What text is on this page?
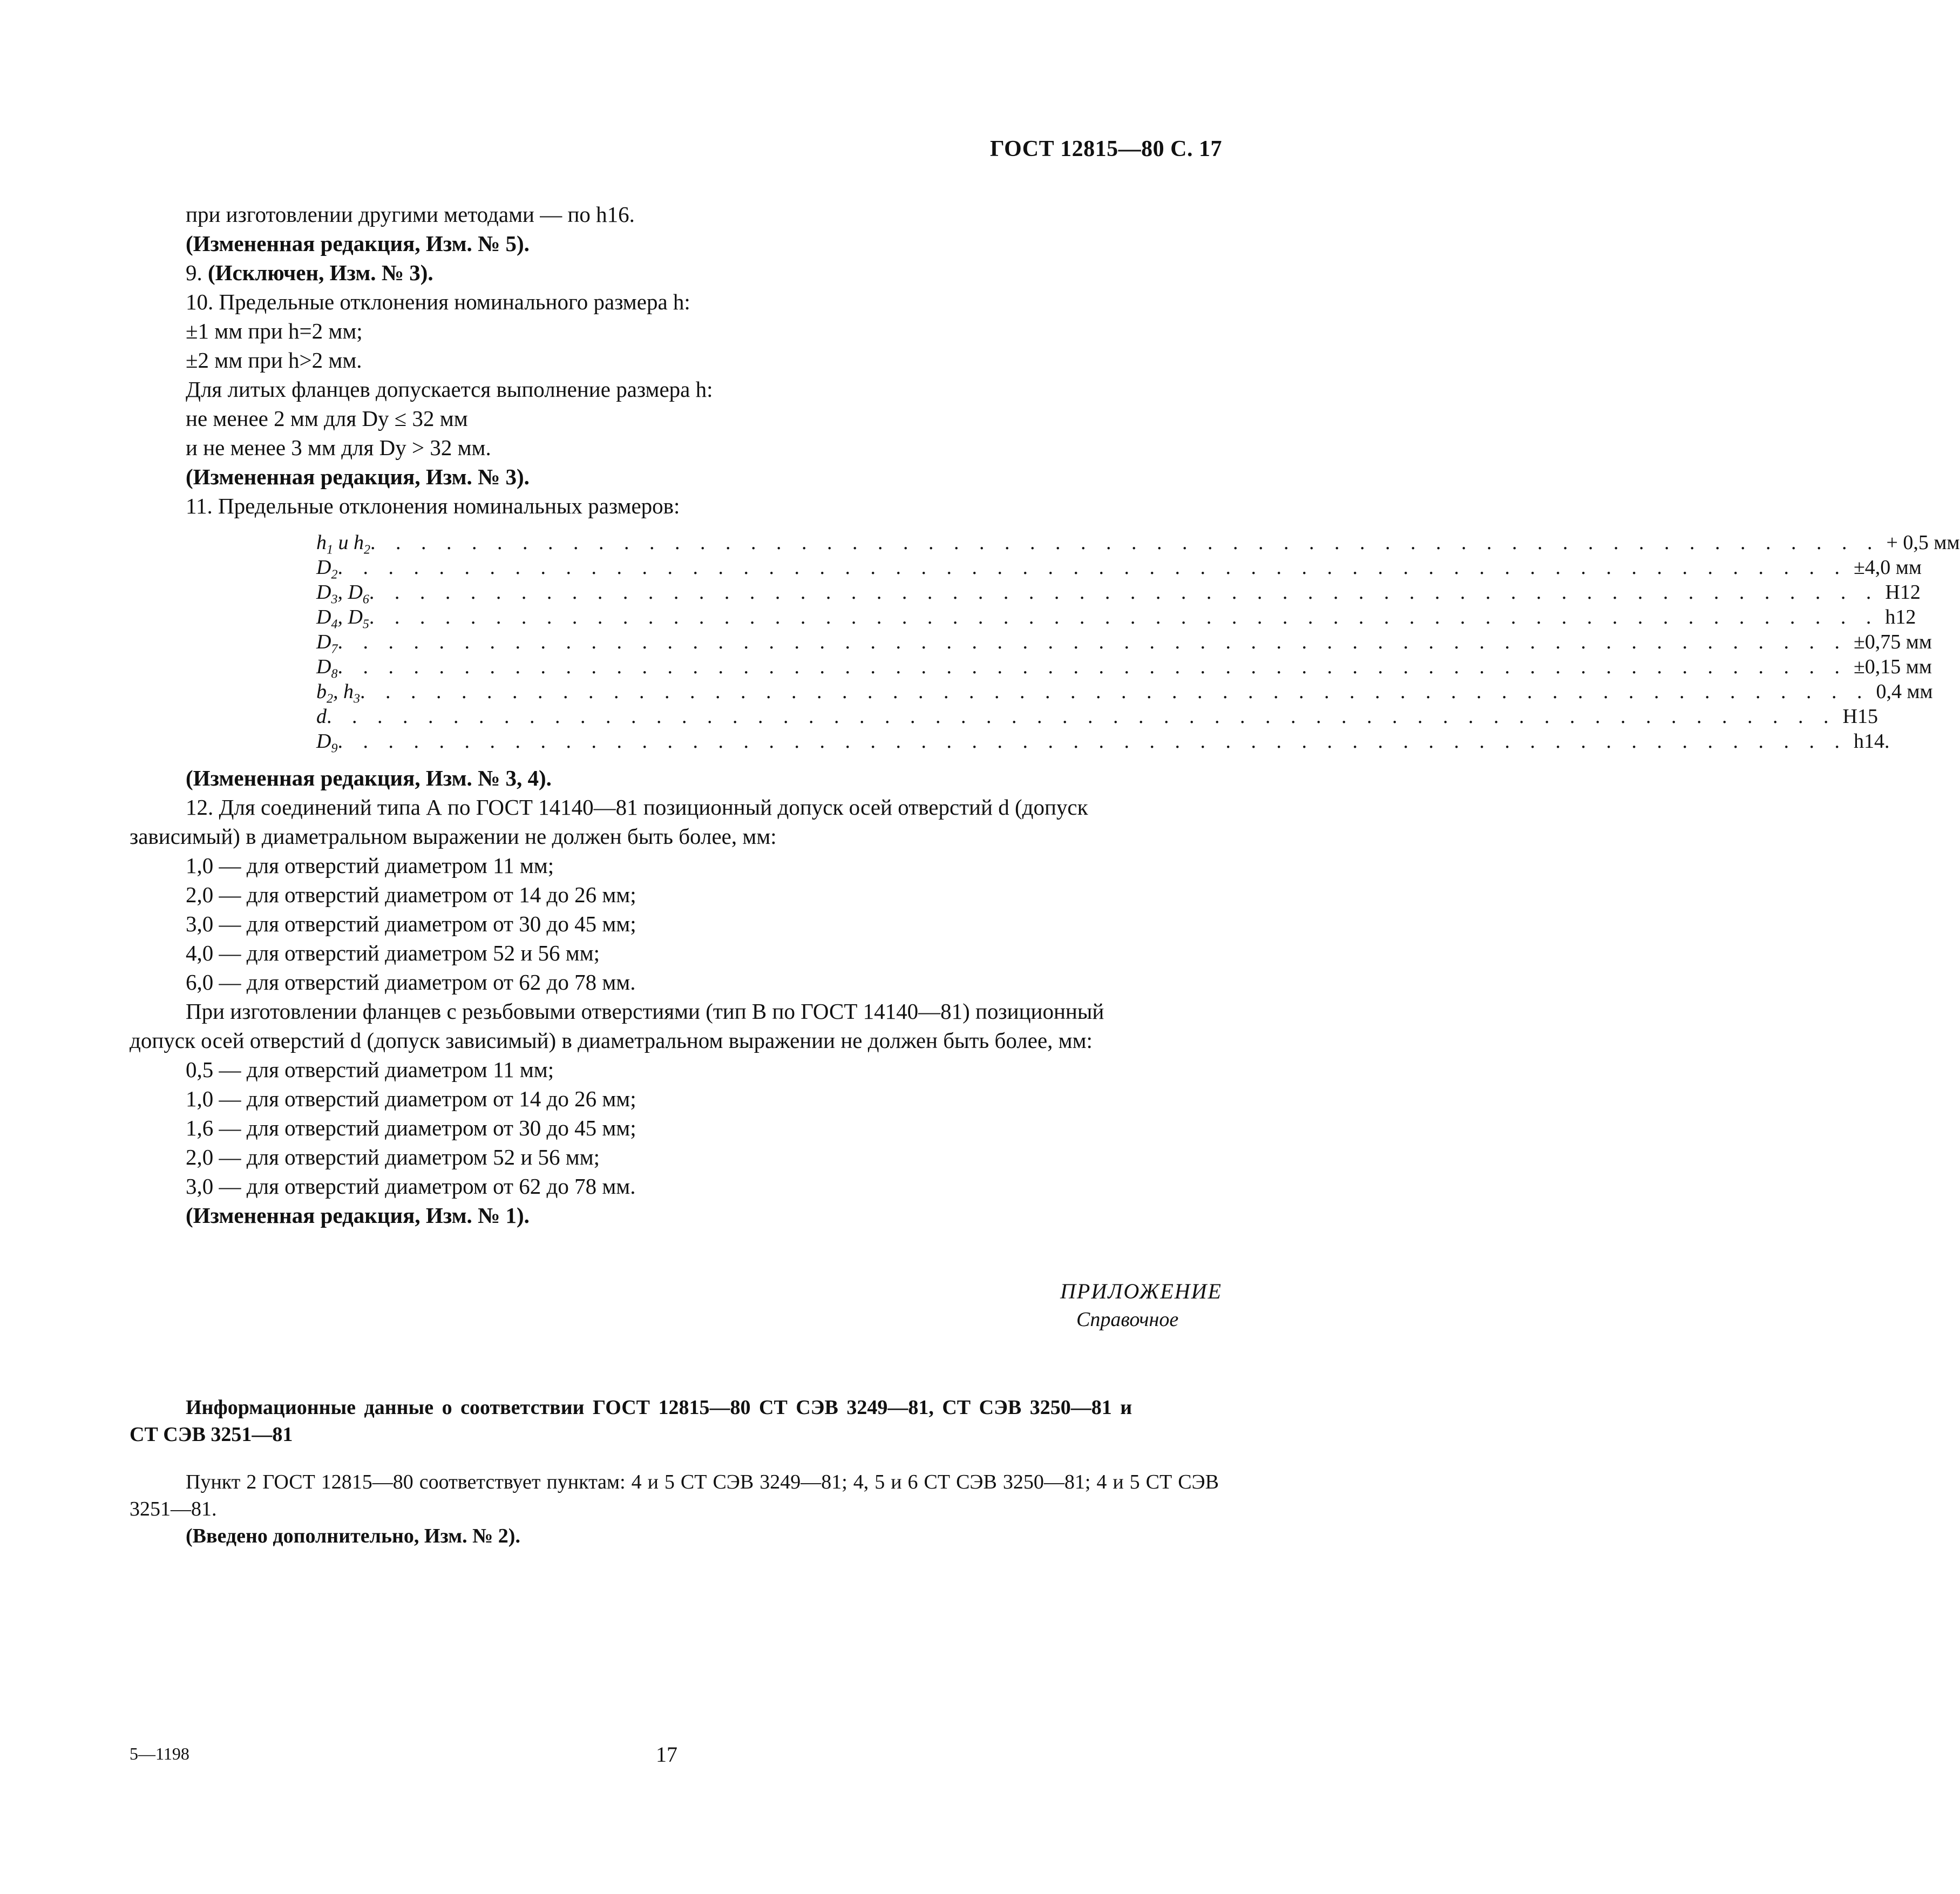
ГОСТ 12815—80 С. 17
при изготовлении другими методами — по h16.
(Измененная редакция, Изм. № 5).
9. (Исключен, Изм. № 3).
10. Предельные отклонения номинального размера h:
±1 мм при h=2 мм;
±2 мм при h>2 мм.
Для литых фланцев допускается выполнение размера h:
не менее 2 мм для Dy ≤ 32 мм
и не менее 3 мм для Dy > 32 мм.
(Измененная редакция, Изм. № 3).
11. Предельные отклонения номинальных размеров:
$h_1$ и $h_2$ . . . . . . . . . . . . . . . . . . . . . . . . . . . . . . . . . . . . . . . . . . . . . . . . . . . . . . . . . . . . + 0,5 мм
$D_2$ . . . . . . . . . . . . . . . . . . . . . . . . . . . . . . . . . . . . . . . . . . . . . . . . . . . . . . . . . . . . ±4,0 мм
$D_3$, $D_6$ . . . . . . . . . . . . . . . . . . . . . . . . . . . . . . . . . . . . . . . . . . . . . . . . . . . . . . . . . . . . H12
$D_4$, $D_5$ . . . . . . . . . . . . . . . . . . . . . . . . . . . . . . . . . . . . . . . . . . . . . . . . . . . . . . . . . . . . h12
$D_7$ . . . . . . . . . . . . . . . . . . . . . . . . . . . . . . . . . . . . . . . . . . . . . . . . . . . . . . . . . . . . ±0,75 мм
$D_8$ . . . . . . . . . . . . . . . . . . . . . . . . . . . . . . . . . . . . . . . . . . . . . . . . . . . . . . . . . . . . ±0,15 мм
$b_2$, $h_3$ . . . . . . . . . . . . . . . . . . . . . . . . . . . . . . . . . . . . . . . . . . . . . . . . . . . . . . . . . . . . 0,4 мм
d . . . . . . . . . . . . . . . . . . . . . . . . . . . . . . . . . . . . . . . . . . . . . . . . . . . . . . . . . . . . H15
$D_9$ . . . . . . . . . . . . . . . . . . . . . . . . . . . . . . . . . . . . . . . . . . . . . . . . . . . . . . . . . . . . h14.
(Измененная редакция, Изм. № 3, 4).
12. Для соединений типа А по ГОСТ 14140—81 позиционный допуск осей отверстий d (допуск
зависимый) в диаметральном выражении не должен быть более, мм:
1,0 — для отверстий диаметром 11 мм;
2,0 — для отверстий диаметром от 14 до 26 мм;
3,0 — для отверстий диаметром от 30 до 45 мм;
4,0 — для отверстий диаметром 52 и 56 мм;
6,0 — для отверстий диаметром от 62 до 78 мм.
При изготовлении фланцев с резьбовыми отверстиями (тип В по ГОСТ 14140—81) позиционный
допуск осей отверстий d (допуск зависимый) в диаметральном выражении не должен быть более, мм:
0,5 — для отверстий диаметром 11 мм;
1,0 — для отверстий диаметром от 14 до 26 мм;
1,6 — для отверстий диаметром от 30 до 45 мм;
2,0 — для отверстий диаметром 52 и 56 мм;
3,0 — для отверстий диаметром от 62 до 78 мм.
(Измененная редакция, Изм. № 1).
ПРИЛОЖЕНИЕ
Справочное
Информационные данные о соответствии ГОСТ 12815—80 СТ СЭВ 3249—81, СТ СЭВ 3250—81 и
СТ СЭВ 3251—81
Пункт 2 ГОСТ 12815—80 соответствует пунктам: 4 и 5 СТ СЭВ 3249—81; 4, 5 и 6 СТ СЭВ 3250—81; 4 и 5 СТ СЭВ 3251—81.
(Введено дополнительно, Изм. № 2).
5—1198	17
